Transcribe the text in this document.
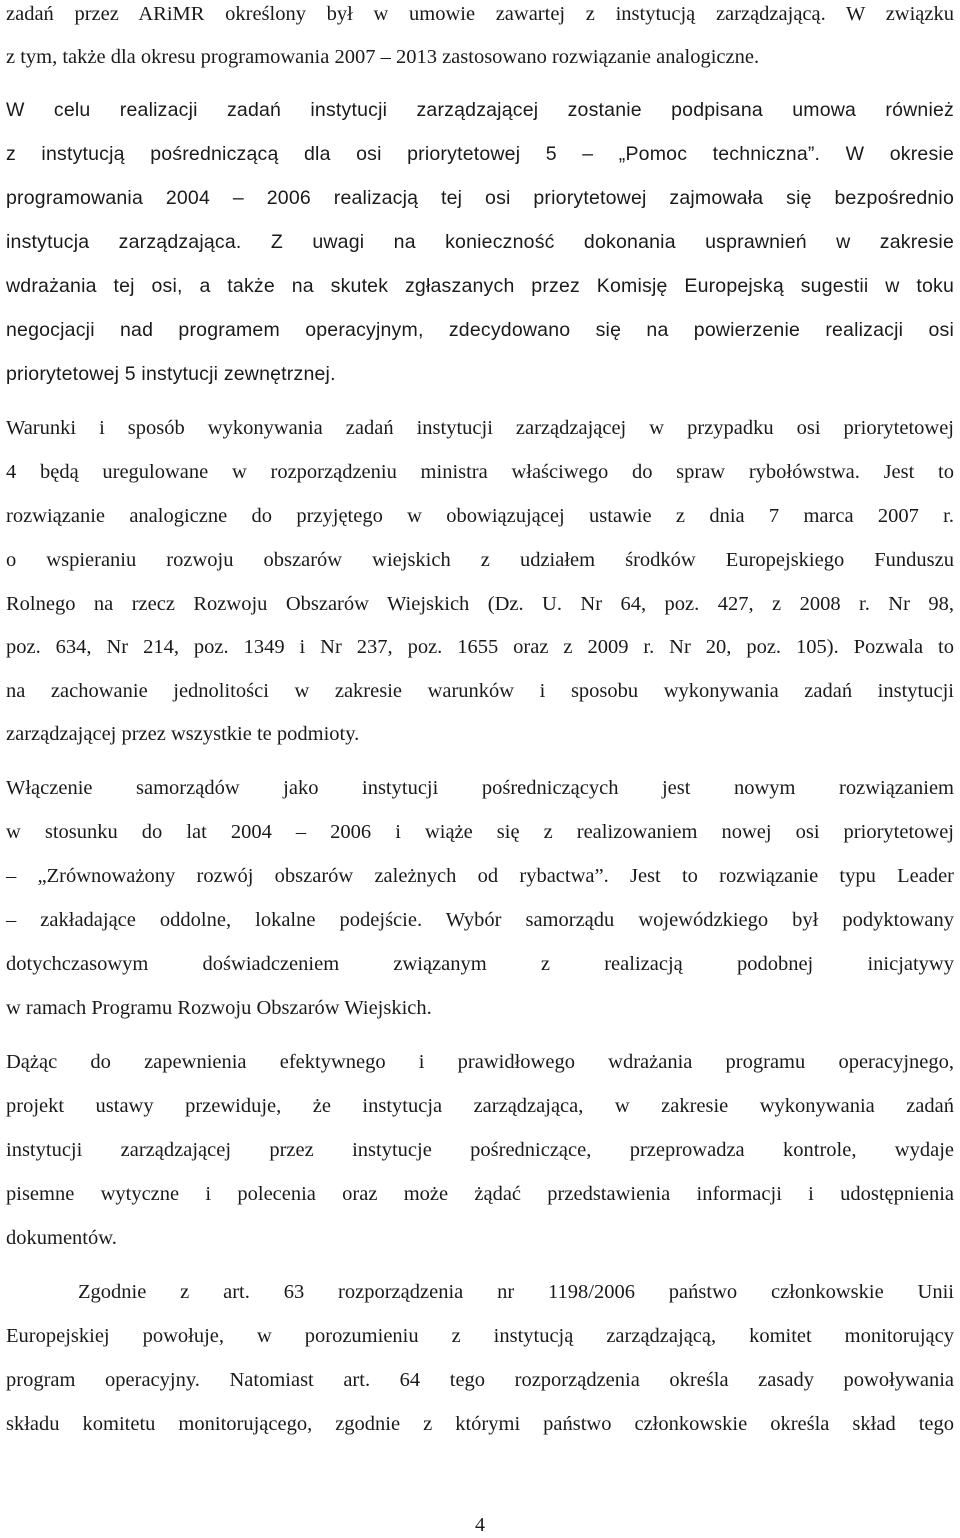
zadań przez ARiMR określony był w umowie zawartej z instytucją zarządzającą. W związku
z tym, także dla okresu programowania 2007 – 2013 zastosowano rozwiązanie analogiczne.
W celu realizacji zadań instytucji zarządzającej zostanie podpisana umowa również
z instytucją pośredniczącą dla osi priorytetowej 5 – „Pomoc techniczna”. W okresie
programowania 2004 – 2006 realizacją tej osi priorytetowej zajmowała się bezpośrednio
instytucja zarządzająca. Z uwagi na konieczność dokonania usprawnień w zakresie
wdrażania tej osi, a także na skutek zgłaszanych przez Komisję Europejską sugestii w toku
negocjacji nad programem operacyjnym, zdecydowano się na powierzenie realizacji osi
priorytetowej 5 instytucji zewnętrznej.
Warunki i sposób wykonywania zadań instytucji zarządzającej w przypadku osi priorytetowej
4 będą uregulowane w rozporządzeniu ministra właściwego do spraw rybołówstwa. Jest to
rozwiązanie analogiczne do przyjętego w obowiązującej ustawie z dnia 7 marca 2007 r.
o wspieraniu rozwoju obszarów wiejskich z udziałem środków Europejskiego Funduszu
Rolnego na rzecz Rozwoju Obszarów Wiejskich (Dz. U. Nr 64, poz. 427, z 2008 r. Nr 98,
poz. 634, Nr 214, poz. 1349 i Nr 237, poz. 1655 oraz z 2009 r. Nr 20, poz. 105). Pozwala to
na zachowanie jednolitości w zakresie warunków i sposobu wykonywania zadań instytucji
zarządzającej przez wszystkie te podmioty.
Włączenie samorządów jako instytucji pośredniczących jest nowym rozwiązaniem
w stosunku do lat 2004 – 2006 i wiąże się z realizowaniem nowej osi priorytetowej
– „Zrównoważony rozwój obszarów zależnych od rybactwa”. Jest to rozwiązanie typu Leader
– zakładające oddolne, lokalne podejście. Wybór samorządu wojewódzkiego był podyktowany
dotychczasowym doświadczeniem związanym z realizacją podobnej inicjatywy
w ramach Programu Rozwoju Obszarów Wiejskich.
Dążąc do zapewnienia efektywnego i prawidłowego wdrażania programu operacyjnego,
projekt ustawy przewiduje, że instytucja zarządzająca, w zakresie wykonywania zadań
instytucji zarządzającej przez instytucje pośredniczące, przeprowadza kontrole, wydaje
pisemne wytyczne i polecenia oraz może żądać przedstawienia informacji i udostępnienia
dokumentów.
Zgodnie z art. 63 rozporządzenia nr 1198/2006 państwo członkowskie Unii
Europejskiej powołuje, w porozumieniu z instytucją zarządzającą, komitet monitorujący
program operacyjny. Natomiast art. 64 tego rozporządzenia określa zasady powoływania
składu komitetu monitorującego, zgodnie z którymi państwo członkowskie określa skład tego
4
